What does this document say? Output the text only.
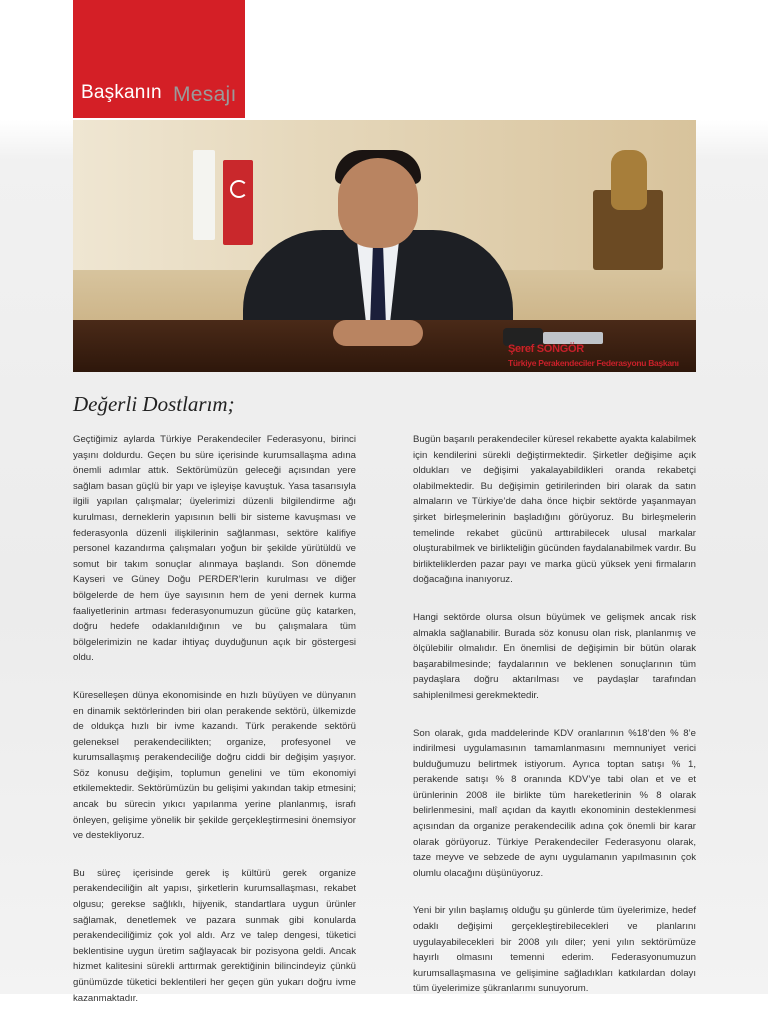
Başkanın Mesajı
Şeref SONGÖR
Türkiye Perakendeciler Federasyonu Başkanı
Değerli Dostlarım;

Geçtiğimiz aylarda Türkiye Perakendeciler Federasyonu, birinci yaşını doldurdu. Geçen bu süre içerisinde kurumsallaşma adına önemli adımlar attık. Sektörümüzün geleceği açısından yere sağlam basan güçlü bir yapı ve işleyişe kavuştuk. Yasa tasarısıyla ilgili yapılan çalışmalar; üyelerimizi düzenli bilgilendirme ağı kurulması, derneklerin yapısının belli bir sisteme kavuşması ve federasyonla düzenli ilişkilerinin sağlanması, sektöre kalifiye personel kazandırma çalışmaları yoğun bir şekilde yürütüldü ve somut bir takım sonuçlar alınmaya başlandı. Son dönemde Kayseri ve Güney Doğu PERDER’lerin kurulması ve diğer bölgelerde de hem üye sayısının hem de yeni dernek kurma faaliyetlerinin artması federasyonumuzun gücüne güç katarken, doğru hedefe odaklanıldığının ve bu çalışmalara tüm bölgelerimizin ne kadar ihtiyaç duyduğunun açık bir göstergesi oldu.

Küreselleşen dünya ekonomisinde en hızlı büyüyen ve dünyanın en dinamik sektörlerinden biri olan perakende sektörü, ülkemizde de oldukça hızlı bir ivme kazandı. Türk perakende sektörü geleneksel perakendecilikten; organize, profesyonel ve kurumsallaşmış perakendeciliğe doğru ciddi bir değişim yaşıyor. Söz konusu değişim, toplumun genelini ve tüm ekonomiyi etkilemektedir. Sektörümüzün bu gelişimi yakından takip etmesini; ancak bu sürecin yıkıcı yapılanma yerine planlanmış, israfı önleyen, gelişime yönelik bir şekilde gerçekleştirmesini önemsiyor ve destekliyoruz.

Bu süreç içerisinde gerek iş kültürü gerek organize perakendeciliğin alt yapısı, şirketlerin kurumsallaşması, rekabet olgusu; gerekse sağlıklı, hijyenik, standartlara uygun ürünler sağlamak, denetlemek ve pazara sunmak gibi konularda perakendeciliğimiz çok yol aldı. Arz ve talep dengesi, tüketici beklentisine uygun üretim sağlayacak bir pozisyona geldi. Ancak hizmet kalitesini sürekli arttırmak gerektiğinin bilincindeyiz çünkü günümüzde tüketici beklentileri her geçen gün yukarı doğru ivme kazanmaktadır.

Bugün başarılı perakendeciler küresel rekabette ayakta kalabilmek için kendilerini sürekli değiştirmektedir. Şirketler değişime açık oldukları ve değişimi yakalayabildikleri oranda rekabetçi olabilmektedir. Bu değişimin getirilerinden biri olarak da satın almaların ve Türkiye’de daha önce hiçbir sektörde yaşanmayan şirket birleşmelerinin başladığını görüyoruz. Bu birleşmelerin temelinde rekabet gücünü arttırabilecek ulusal markalar oluşturabilmek ve birlikteliğin gücünden faydalanabilmek vardır. Bu birlikteliklerden pazar payı ve marka gücü yüksek yeni firmaların doğacağına inanıyoruz.

Hangi sektörde olursa olsun büyümek ve gelişmek ancak risk almakla sağlanabilir. Burada söz konusu olan risk, planlanmış ve ölçülebilir olmalıdır. En önemlisi de değişimin bir bütün olarak başarabilmesinde; faydalarının ve beklenen sonuçlarının tüm paydaşlara doğru aktarılması ve paydaşlar tarafından sahiplenilmesi gerekmektedir.

Son olarak, gıda maddelerinde KDV oranlarının %18’den % 8’e indirilmesi uygulamasının tamamlanmasını memnuniyet verici bulduğumuzu belirtmek istiyorum. Ayrıca toptan satışı % 1, perakende satışı % 8 oranında KDV’ye tabi olan et ve et ürünlerinin 2008 ile birlikte tüm hareketlerinin % 8 olarak belirlenmesini, malî açıdan da kayıtlı ekonominin desteklenmesi açısından da organize perakendecilik adına çok önemli bir karar olarak görüyoruz. Türkiye Perakendeciler Federasyonu olarak, taze meyve ve sebzede de aynı uygulamanın yapılmasının çok olumlu olacağını düşünüyoruz.

Yeni bir yılın başlamış olduğu şu günlerde tüm üyelerimize, hedef odaklı değişimi gerçekleştirebilecekleri ve planlarını uygulayabilecekleri bir 2008 yılı diler; yeni yılın sektörümüze hayırlı olmasını temenni ederim. Federasyonumuzun kurumsallaşmasına ve gelişimine sağladıkları katkılardan dolayı tüm üyelerimize şükranlarımı sunuyorum.
